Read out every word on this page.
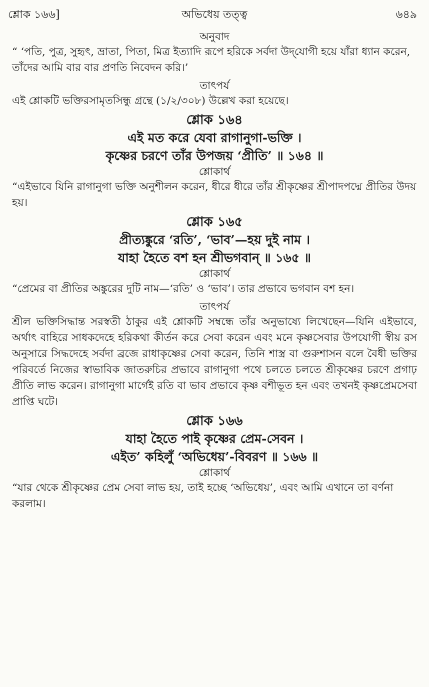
শ্লোক ১৬৬]	অভিধেয় তত্ত্ব	৬৪৯

অনুবাদ

“ ‘পতি, পুত্র, সুহৃৎ, ভ্রাতা, পিতা, মিত্র ইত্যাদি রূপে হরিকে সর্বদা উদ্‌যোগী হয়ে যাঁরা ধ্যান করেন, তাঁদের আমি বার বার প্রণতি নিবেদন করি।’

তাৎপর্য

এই শ্লোকটি ভক্তিরসামৃতসিন্ধু গ্রন্থে (১/২/৩০৮) উল্লেখ করা হয়েছে।

শ্লোক ১৬৪

এই মত করে যেবা রাগানুগা-ভক্তি ।

কৃষ্ণের চরণে তাঁর উপজয় ‘প্রীতি’ ॥ ১৬৪ ॥

শ্লোকার্থ

“এইভাবে যিনি রাগানুগা ভক্তি অনুশীলন করেন, ধীরে ধীরে তাঁর শ্রীকৃষ্ণের শ্রীপাদপদ্মে প্রীতির উদয় হয়।

শ্লোক ১৬৫

প্রীত্যঙ্কুরে ‘রতি’, ‘ভাব’—হয় দুই নাম ।

যাহা হৈতে বশ হন শ্রীভগবান্ ॥ ১৬৫ ॥

শ্লোকার্থ

“প্রেমের বা প্রীতির অঙ্কুরের দুটি নাম—‘রতি’ ও ‘ভাব’। তার প্রভাবে ভগবান বশ হন।

তাৎপর্য

শ্রীল ভক্তিসিদ্ধান্ত সরস্বতী ঠাকুর এই শ্লোকটি সম্বন্ধে তাঁর অনুভাষ্যে লিখেছেন—যিনি এইভাবে, অর্থাৎ বাহিরে সাধকদেহে হরিকথা কীর্তন করে সেবা করেন এবং মনে কৃষ্ণসেবার উপযোগী স্বীয় রস অনুসারে সিদ্ধদেহে সর্বদা ব্রজে রাধাকৃষ্ণের সেবা করেন, তিনি শাস্ত্র বা গুরুশাসন বলে বৈধী ভক্তির পরিবর্তে নিজের স্বাভাবিক জাতরুচির প্রভাবে রাগানুগা পথে চলতে চলতে শ্রীকৃষ্ণের চরণে প্রগাঢ় প্রীতি লাভ করেন। রাগানুগা মার্গেই রতি বা ভাব প্রভাবে কৃষ্ণ বশীভূত হন এবং তখনই কৃষ্ণপ্রেমসেবা প্রাপ্তি ঘটে।

শ্লোক ১৬৬

যাহা হৈতে পাই কৃষ্ণের প্রেম-সেবন ।

এইত’ কহিলুঁ ‘অভিধেয়’-বিবরণ ॥ ১৬৬ ॥

শ্লোকার্থ

“যার থেকে শ্রীকৃষ্ণের প্রেম সেবা লাভ হয়, তাই হচ্ছে ‘অভিধেয়’, এবং আমি এখানে তা বর্ণনা করলাম।
